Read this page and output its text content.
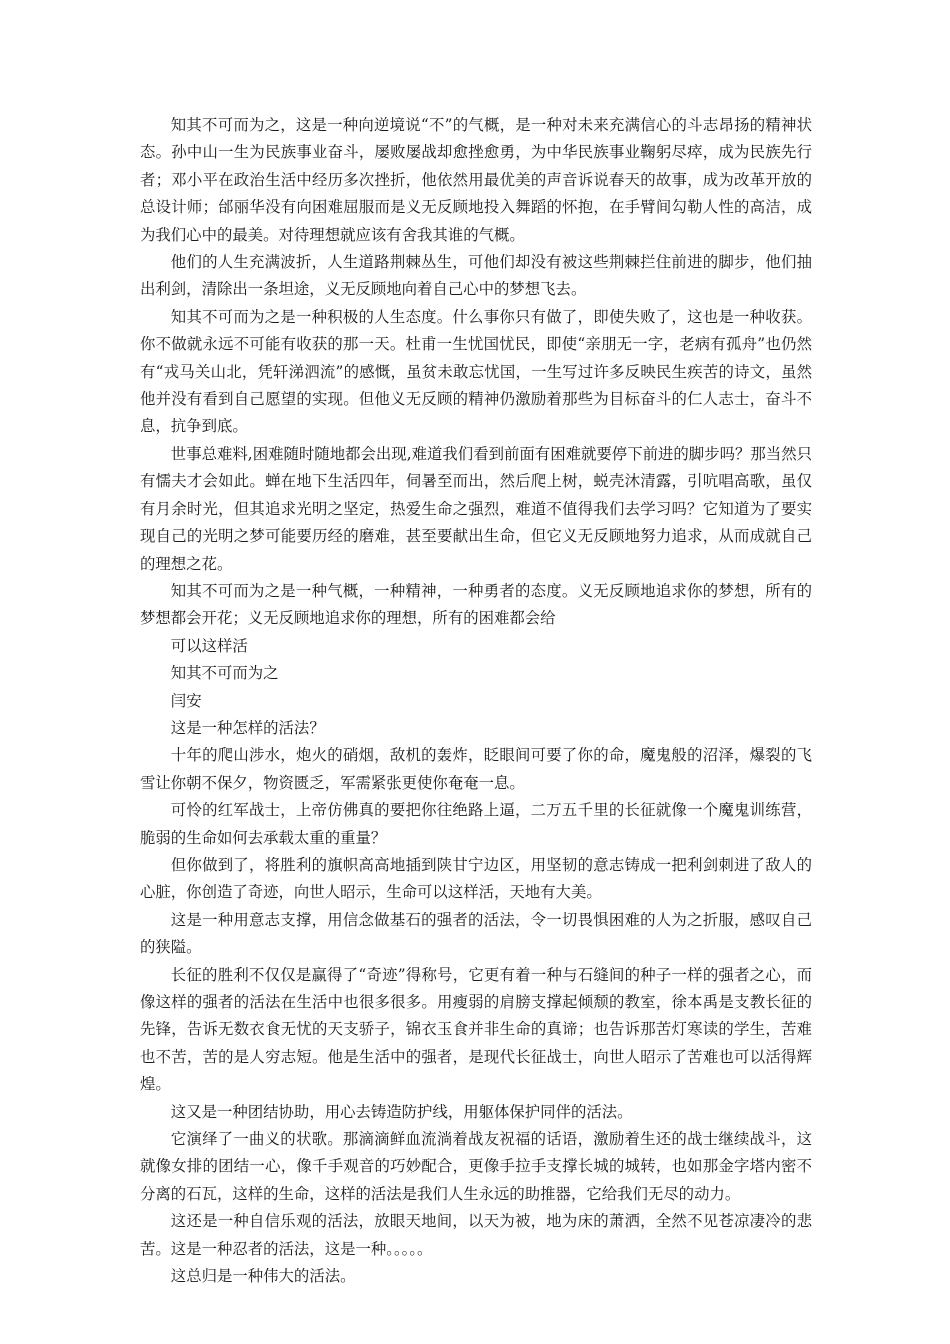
知其不可而为之，这是一种向逆境说“不”的气概，是一种对未来充满信心的斗志昂扬的精神状态。孙中山一生为民族事业奋斗，屡败屡战却愈挫愈勇，为中华民族事业鞠躬尽瘁，成为民族先行者；邓小平在政治生活中经历多次挫折，他依然用最优美的声音诉说春天的故事，成为改革开放的总设计师；邰丽华没有向困难屈服而是义无反顾地投入舞蹈的怀抱，在手臂间勾勒人性的高洁，成为我们心中的最美。对待理想就应该有舍我其谁的气概。

他们的人生充满波折，人生道路荆棘丛生，可他们却没有被这些荆棘拦住前进的脚步，他们抽出利剑，清除出一条坦途，义无反顾地向着自己心中的梦想飞去。

知其不可而为之是一种积极的人生态度。什么事你只有做了，即使失败了，这也是一种收获。你不做就永远不可能有收获的那一天。杜甫一生忧国忧民，即使“亲朋无一字，老病有孤舟”也仍然有“戎马关山北，凭轩涕泗流”的感慨，虽贫未敢忘忧国，一生写过许多反映民生疾苦的诗文，虽然他并没有看到自己愿望的实现。但他义无反顾的精神仍激励着那些为目标奋斗的仁人志士，奋斗不息，抗争到底。

世事总难料,困难随时随地都会出现,难道我们看到前面有困难就要停下前进的脚步吗？那当然只有懦夫才会如此。蝉在地下生活四年，伺暑至而出，然后爬上树，蜕壳沐清露，引吭唱高歌，虽仅有月余时光，但其追求光明之坚定，热爱生命之强烈，难道不值得我们去学习吗？它知道为了要实现自己的光明之梦可能要历经的磨难，甚至要献出生命，但它义无反顾地努力追求，从而成就自己的理想之花。

知其不可而为之是一种气概，一种精神，一种勇者的态度。义无反顾地追求你的梦想，所有的梦想都会开花；义无反顾地追求你的理想，所有的困难都会给

可以这样活

知其不可而为之

闫安

这是一种怎样的活法？

十年的爬山涉水，炮火的硝烟，敌机的轰炸，眨眼间可要了你的命，魔鬼般的沼泽，爆裂的飞雪让你朝不保夕，物资匮乏，军需紧张更使你奄奄一息。

可怜的红军战士，上帝仿佛真的要把你往绝路上逼，二万五千里的长征就像一个魔鬼训练营，脆弱的生命如何去承载太重的重量？

但你做到了，将胜利的旗帜高高地插到陕甘宁边区，用坚韧的意志铸成一把利剑刺进了敌人的心脏，你创造了奇迹，向世人昭示，生命可以这样活，天地有大美。

这是一种用意志支撑，用信念做基石的强者的活法，令一切畏惧困难的人为之折服，感叹自己的狭隘。

长征的胜利不仅仅是赢得了“奇迹”得称号，它更有着一种与石缝间的种子一样的强者之心，而像这样的强者的活法在生活中也很多很多。用瘦弱的肩膀支撑起倾颓的教室，徐本禹是支教长征的先锋，告诉无数衣食无忧的天支骄子，锦衣玉食并非生命的真谛；也告诉那苦灯寒读的学生，苦难也不苦，苦的是人穷志短。他是生活中的强者，是现代长征战士，向世人昭示了苦难也可以活得辉煌。

这又是一种团结协助，用心去铸造防护线，用躯体保护同伴的活法。

它演绎了一曲义的状歌。那滴滴鲜血流淌着战友祝福的话语，激励着生还的战士继续战斗，这就像女排的团结一心，像千手观音的巧妙配合，更像手拉手支撑长城的城转，也如那金字塔内密不分离的石瓦，这样的生命，这样的活法是我们人生永远的助推器，它给我们无尽的动力。

这还是一种自信乐观的活法，放眼天地间，以天为被，地为床的萧洒，全然不见苍凉凄冷的悲苦。这是一种忍者的活法，这是一种。。。。。

这总归是一种伟大的活法。
